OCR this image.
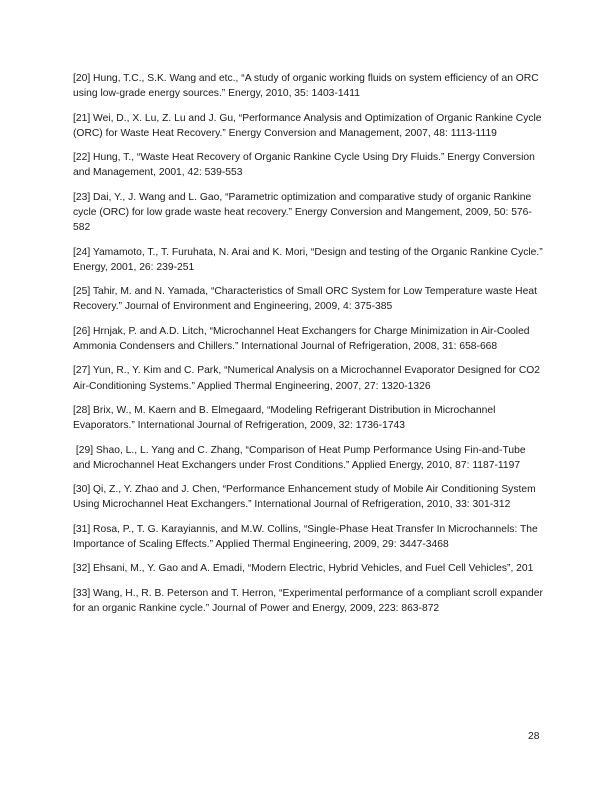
[20] Hung, T.C., S.K. Wang and etc., “A study of organic working fluids on system efficiency of an ORC using low-grade energy sources.” Energy, 2010, 35: 1403-1411

[21] Wei, D., X. Lu, Z. Lu and J. Gu, “Performance Analysis and Optimization of Organic Rankine Cycle (ORC) for Waste Heat Recovery.” Energy Conversion and Management, 2007, 48: 1113-1119

[22] Hung, T., “Waste Heat Recovery of Organic Rankine Cycle Using Dry Fluids.” Energy Conversion and Management, 2001, 42: 539-553

[23] Dai, Y., J. Wang and L. Gao, “Parametric optimization and comparative study of organic Rankine cycle (ORC) for low grade waste heat recovery.” Energy Conversion and Mangement, 2009, 50: 576-582

[24] Yamamoto, T., T. Furuhata, N. Arai and K. Mori, “Design and testing of the Organic Rankine Cycle.” Energy, 2001, 26: 239-251

[25] Tahir, M. and N. Yamada, “Characteristics of Small ORC System for Low Temperature waste Heat Recovery.” Journal of Environment and Engineering, 2009, 4: 375-385

[26] Hrnjak, P. and A.D. Litch, “Microchannel Heat Exchangers for Charge Minimization in Air-Cooled Ammonia Condensers and Chillers.” International Journal of Refrigeration, 2008, 31: 658-668

[27] Yun, R., Y. Kim and C. Park, “Numerical Analysis on a Microchannel Evaporator Designed for CO2 Air-Conditioning Systems.” Applied Thermal Engineering, 2007, 27: 1320-1326

[28] Brix, W., M. Kaern and B. Elmegaard, “Modeling Refrigerant Distribution in Microchannel Evaporators.” International Journal of Refrigeration, 2009, 32: 1736-1743

[29] Shao, L., L. Yang and C. Zhang, “Comparison of Heat Pump Performance Using Fin-and-Tube and Microchannel Heat Exchangers under Frost Conditions.” Applied Energy, 2010, 87: 1187-1197

[30] Qi, Z., Y. Zhao and J. Chen, “Performance Enhancement study of Mobile Air Conditioning System Using Microchannel Heat Exchangers.” International Journal of Refrigeration, 2010, 33: 301-312

[31] Rosa, P., T. G. Karayiannis, and M.W. Collins, “Single-Phase Heat Transfer In Microchannels: The Importance of Scaling Effects.” Applied Thermal Engineering, 2009, 29: 3447-3468

[32] Ehsani, M., Y. Gao and A. Emadi, “Modern Electric, Hybrid Vehicles, and Fuel Cell Vehicles”, 201

[33] Wang, H., R. B. Peterson and T. Herron, “Experimental performance of a compliant scroll expander for an organic Rankine cycle.” Journal of Power and Energy, 2009, 223: 863-872

28
